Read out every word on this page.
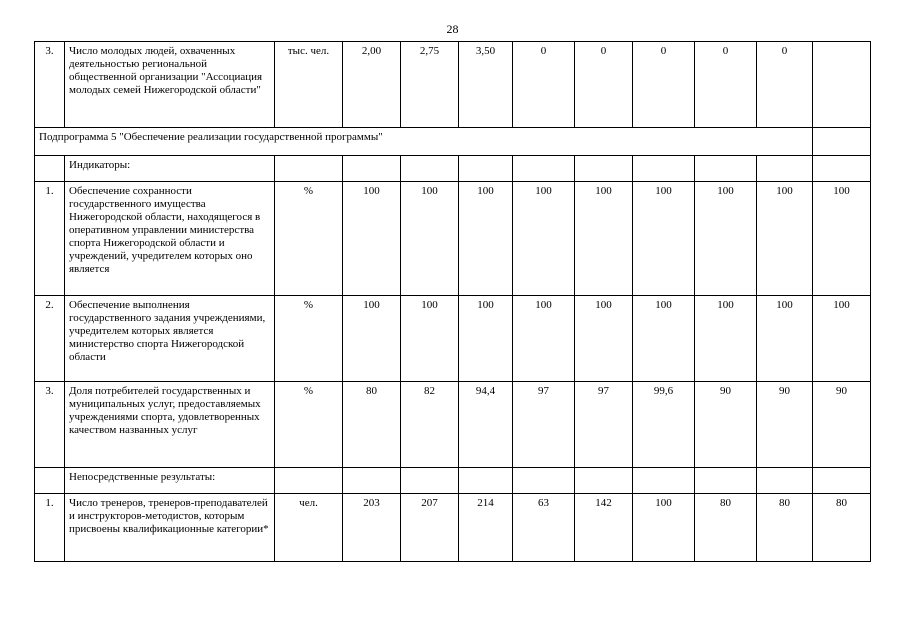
28
3.	Число молодых людей, охваченных деятельностью региональной общественной организации "Ассоциация молодых семей Нижегородской области"	тыс. чел.	2,00	2,75	3,50	0	0	0	0	0	
Подпрограмма 5 "Обеспечение реализации государственной программы"											
	Индикаторы:										
1.	Обеспечение сохранности государственного имущества Нижегородской области, находящегося в оперативном управлении министерства спорта Нижегородской области и учреждений, учредителем которых оно является	%	100	100	100	100	100	100	100	100	100
2.	Обеспечение выполнения государственного задания учреждениями, учредителем которых является министерство спорта Нижегородской области	%	100	100	100	100	100	100	100	100	100
3.	Доля потребителей государственных и муниципальных услуг, предоставляемых учреждениями спорта, удовлетворенных качеством названных услуг	%	80	82	94,4	97	97	99,6	90	90	90
	Непосредственные результаты:										
1.	Число тренеров, тренеров-преподавателей и инструкторов-методистов, которым присвоены квалификационные категории*	чел.	203	207	214	63	142	100	80	80	80
